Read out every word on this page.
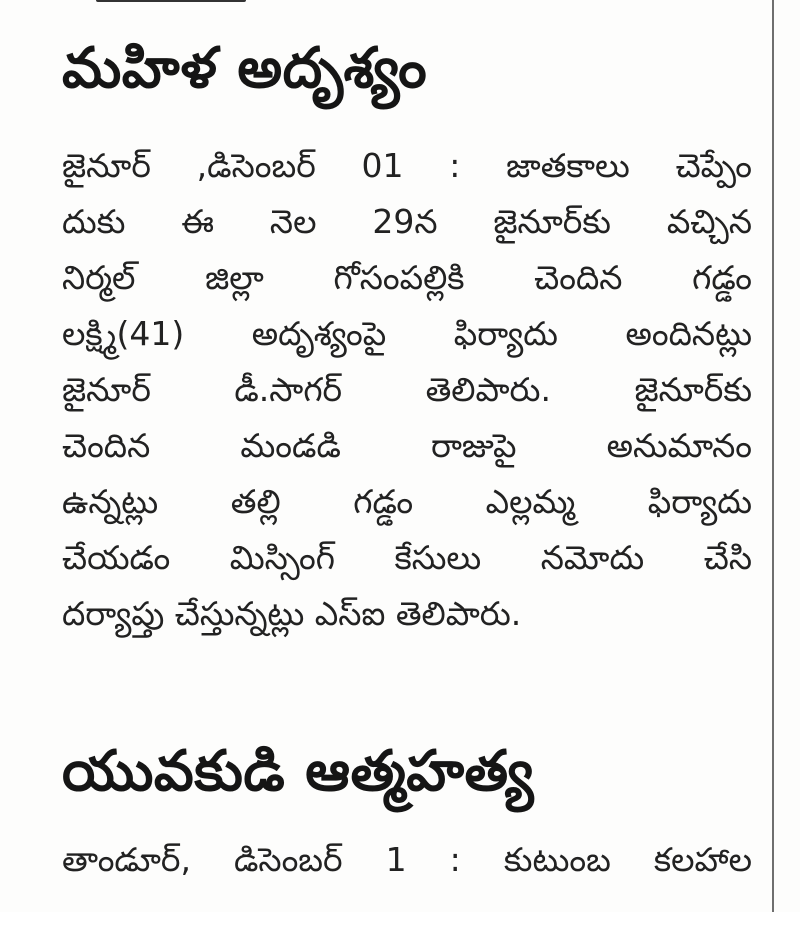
మహిళ అదృశ్యం
జైనూర్ ,డిసెంబర్ 01 : జాతకాలు చెప్పేం
దుకు ఈ నెల 29న జైనూర్‌కు వచ్చిన
నిర్మల్ జిల్లా గోసంపల్లికి చెందిన గడ్డం
లక్ష్మి(41) అదృశ్యంపై ఫిర్యాదు అందినట్లు
జైనూర్ డీ.సాగర్ తెలిపారు. జైనూర్‌కు
చెందిన మండడి రాజుపై అనుమానం
ఉన్నట్లు తల్లి గడ్డం ఎల్లమ్మ ఫిర్యాదు
చేయడం మిస్సింగ్ కేసులు నమోదు చేసి
దర్యాప్తు చేస్తున్నట్లు ఎస్ఐ తెలిపారు.
యువకుడి ఆత్మహత్య
తాండూర్, డిసెంబర్ 1 : కుటుంబ కలహాల
